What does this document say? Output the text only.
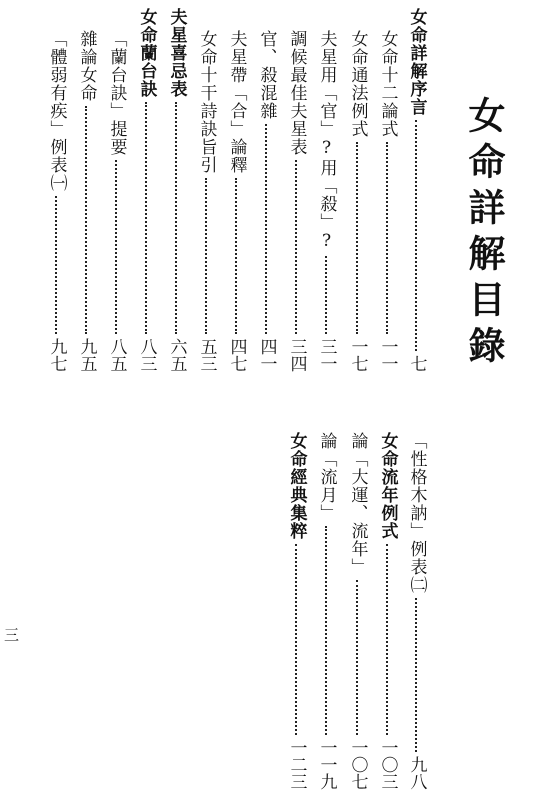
女命詳解目錄
女命詳解序言
七
女命十二論式
一一
女命通法例式
一七
夫星用「官」?用「殺」?
三一
調候最佳夫星表
三四
官、殺混雜
四一
夫星帶「合」論釋
四七
女命十干詩訣旨引
五三
夫星喜忌表
六五
女命蘭台訣
八三
「蘭台訣」提要
八五
雜論女命
九五
「體弱有疾」例表㈠
九七
「性格木訥」例表㈡
九八
女命流年例式
一〇三
論「大運、流年」
一〇七
論「流月」
一一九
女命經典集粹
一二三
三
